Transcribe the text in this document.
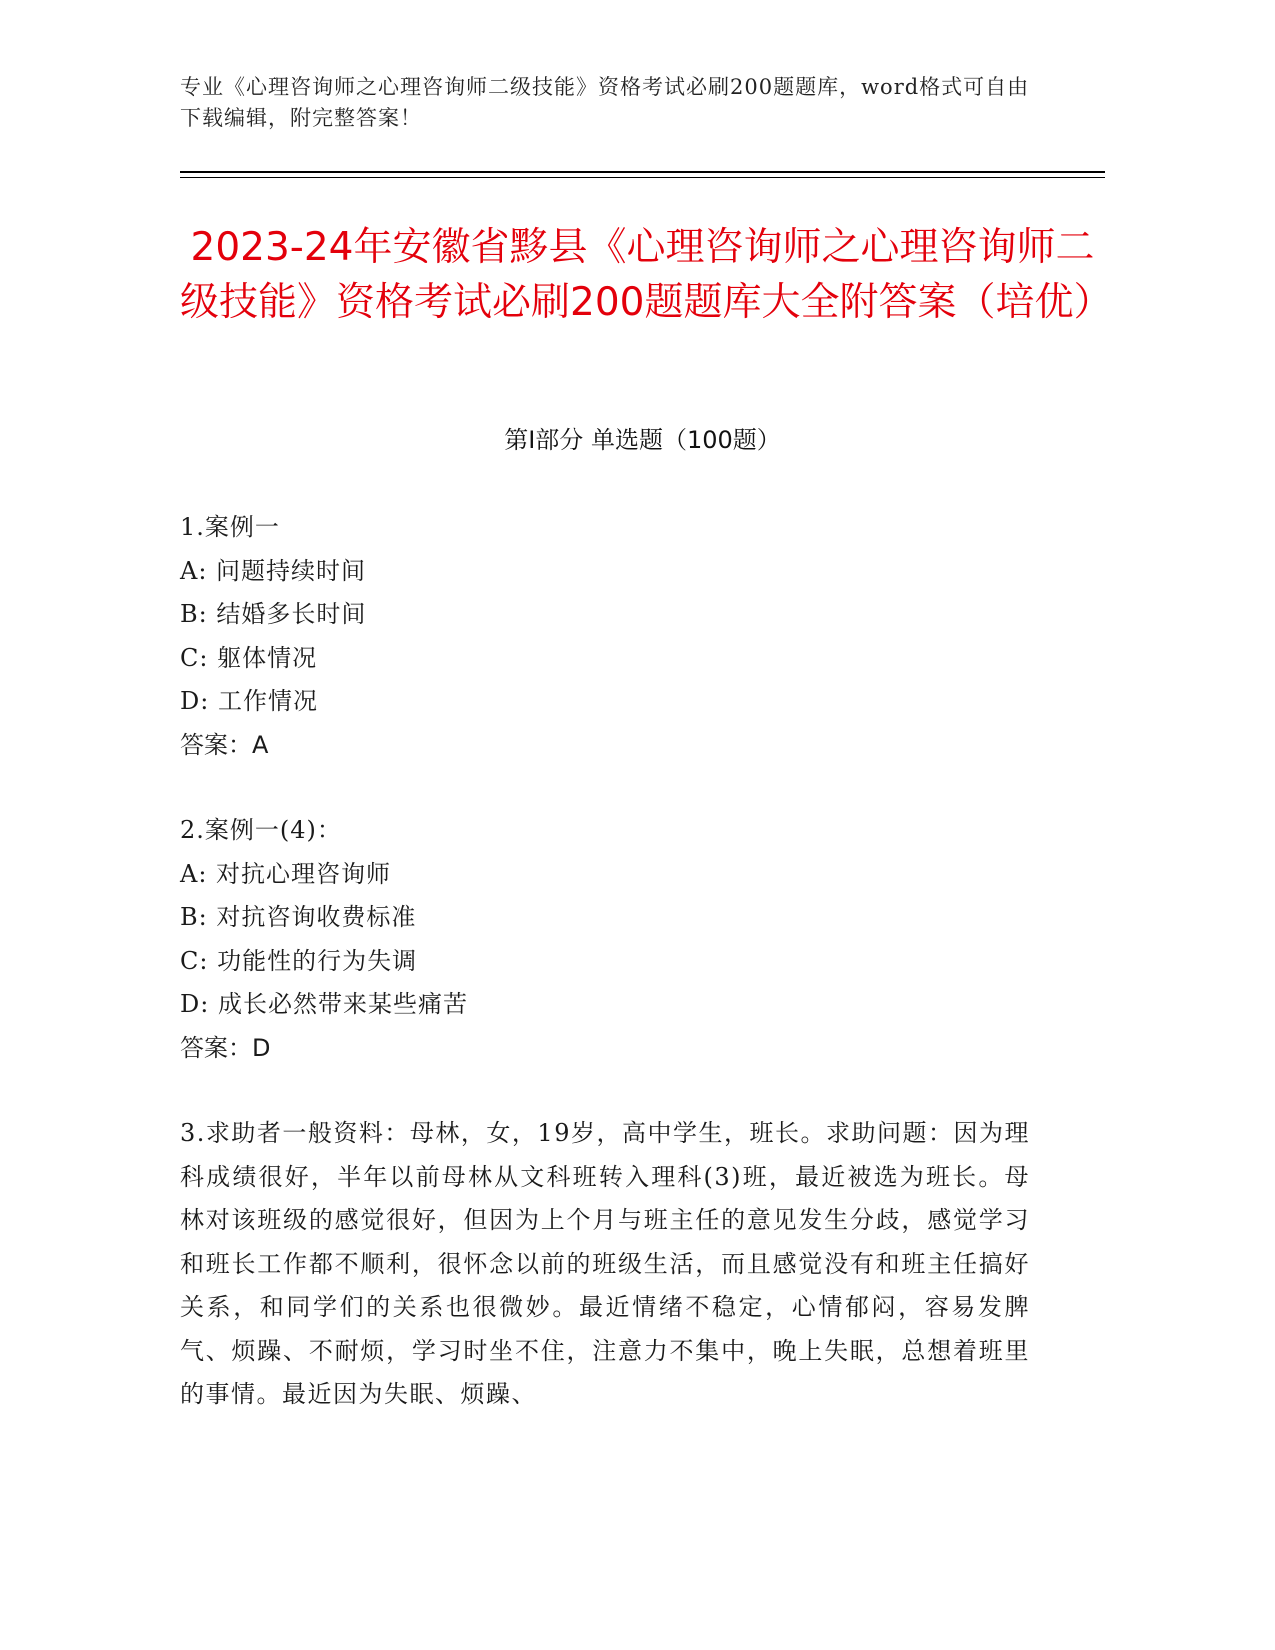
专业《心理咨询师之心理咨询师二级技能》资格考试必刷200题题库，word格式可自由下载编辑，附完整答案！
2023-24年安徽省黟县《心理咨询师之心理咨询师二级技能》资格考试必刷200题题库大全附答案（培优）
第Ⅰ部分 单选题（100题）
1.案例一
A: 问题持续时间
B: 结婚多长时间
C: 躯体情况
D: 工作情况
答案：A
2.案例一(4)：
A: 对抗心理咨询师
B: 对抗咨询收费标准
C: 功能性的行为失调
D: 成长必然带来某些痛苦
答案：D
3.求助者一般资料：母林，女，19岁，高中学生，班长。求助问题：因为理科成绩很好，半年以前母林从文科班转入理科(3)班，最近被选为班长。母林对该班级的感觉很好，但因为上个月与班主任的意见发生分歧，感觉学习和班长工作都不顺利，很怀念以前的班级生活，而且感觉没有和班主任搞好关系，和同学们的关系也很微妙。最近情绪不稳定，心情郁闷，容易发脾气、烦躁、不耐烦，学习时坐不住，注意力不集中，晚上失眠，总想着班里的事情。最近因为失眠、烦躁、
